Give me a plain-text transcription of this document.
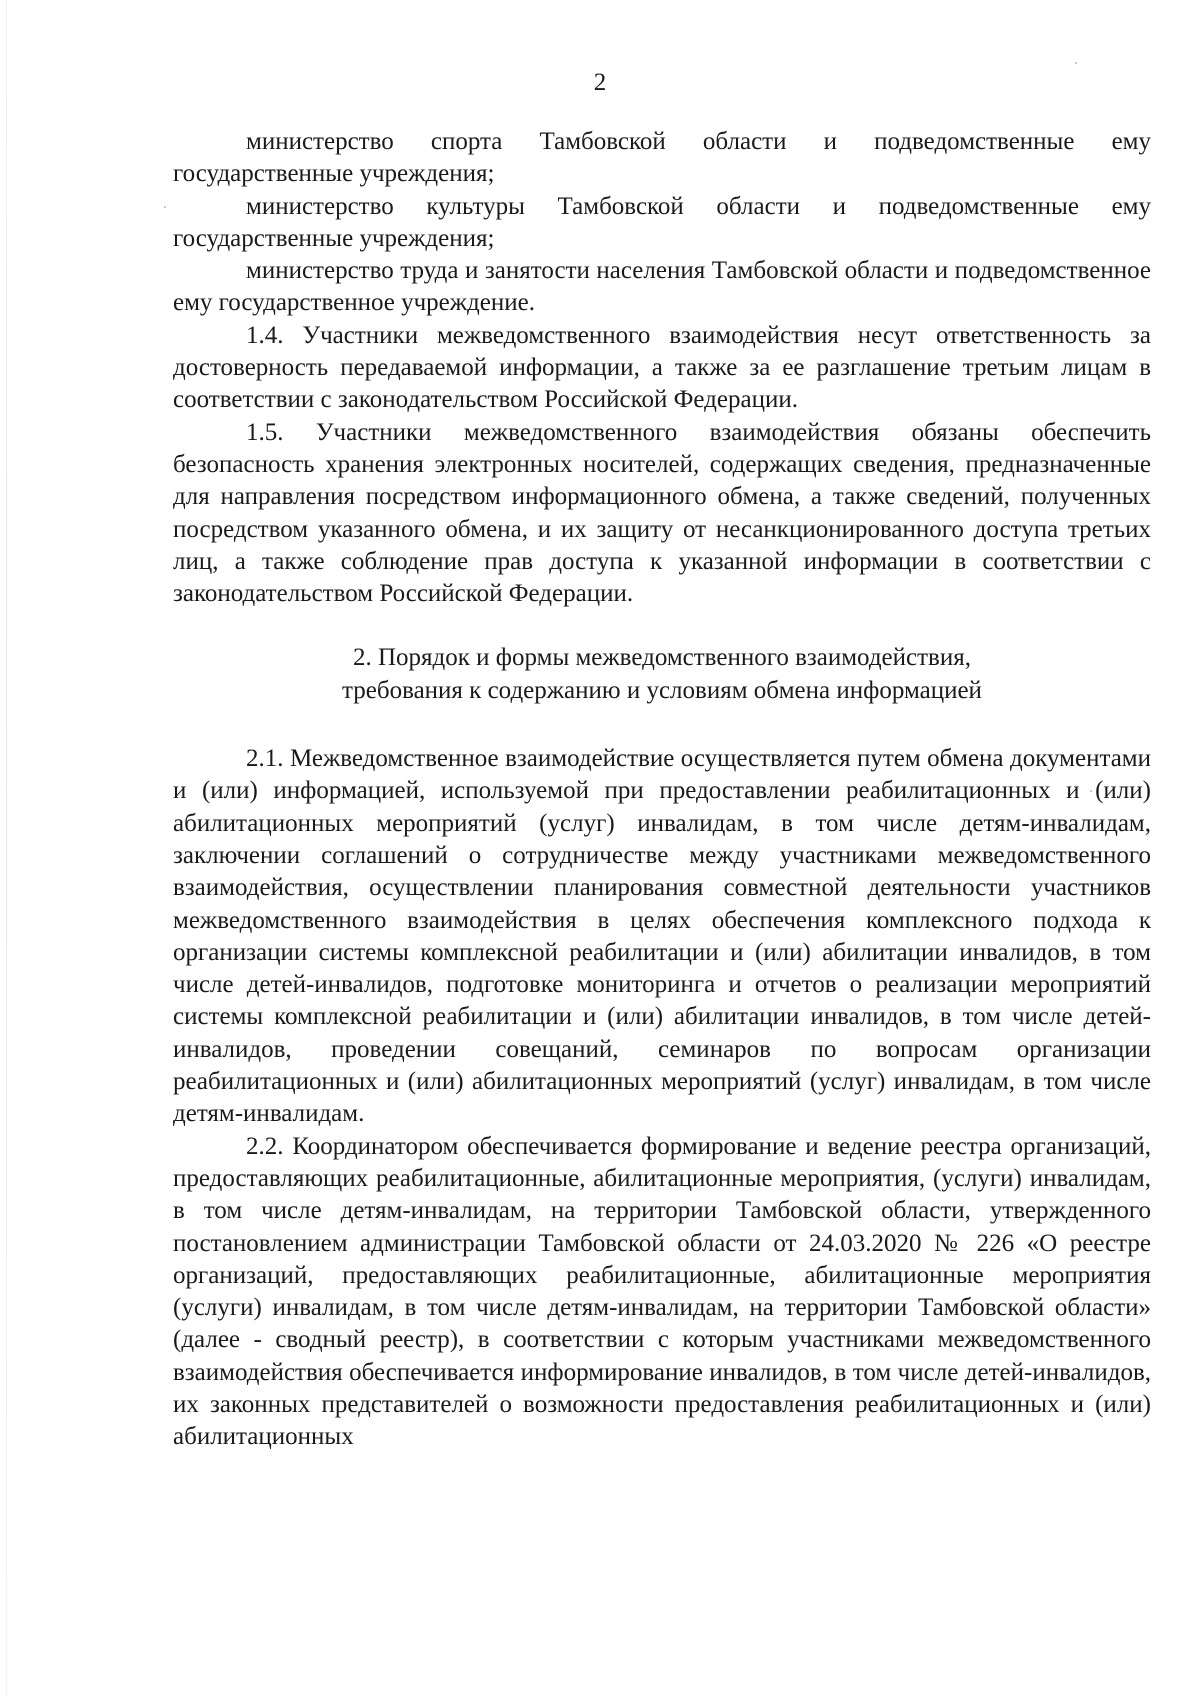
2

министерство спорта Тамбовской области и подведомственные ему государственные учреждения;

министерство культуры Тамбовской области и подведомственные ему государственные учреждения;

министерство труда и занятости населения Тамбовской области и подведомственное ему государственное учреждение.

1.4. Участники межведомственного взаимодействия несут ответственность за достоверность передаваемой информации, а также за ее разглашение третьим лицам в соответствии с законодательством Российской Федерации.

1.5. Участники межведомственного взаимодействия обязаны обеспечить безопасность хранения электронных носителей, содержащих сведения, предназначенные для направления посредством информационного обмена, а также сведений, полученных посредством указанного обмена, и их защиту от несанкционированного доступа третьих лиц, а также соблюдение прав доступа к указанной информации в соответствии с законодательством Российской Федерации.

2. Порядок и формы межведомственного взаимодействия,
требования к содержанию и условиям обмена информацией

2.1. Межведомственное взаимодействие осуществляется путем обмена документами и (или) информацией, используемой при предоставлении реабилитационных и (или) абилитационных мероприятий (услуг) инвалидам, в том числе детям-инвалидам, заключении соглашений о сотрудничестве между участниками межведомственного взаимодействия, осуществлении планирования совместной деятельности участников межведомственного взаимодействия в целях обеспечения комплексного подхода к организации системы комплексной реабилитации и (или) абилитации инвалидов, в том числе детей-инвалидов, подготовке мониторинга и отчетов о реализации мероприятий системы комплексной реабилитации и (или) абилитации инвалидов, в том числе детей-инвалидов, проведении совещаний, семинаров по вопросам организации реабилитационных и (или) абилитационных мероприятий (услуг) инвалидам, в том числе детям-инвалидам.

2.2. Координатором обеспечивается формирование и ведение реестра организаций, предоставляющих реабилитационные, абилитационные мероприятия, (услуги) инвалидам, в том числе детям-инвалидам, на территории Тамбовской области, утвержденного постановлением администрации Тамбовской области от 24.03.2020 № 226 «О реестре организаций, предоставляющих реабилитационные, абилитационные мероприятия (услуги) инвалидам, в том числе детям-инвалидам, на территории Тамбовской области» (далее - сводный реестр), в соответствии с которым участниками межведомственного взаимодействия обеспечивается информирование инвалидов, в том числе детей-инвалидов, их законных представителей о возможности предоставления реабилитационных и (или) абилитационных
